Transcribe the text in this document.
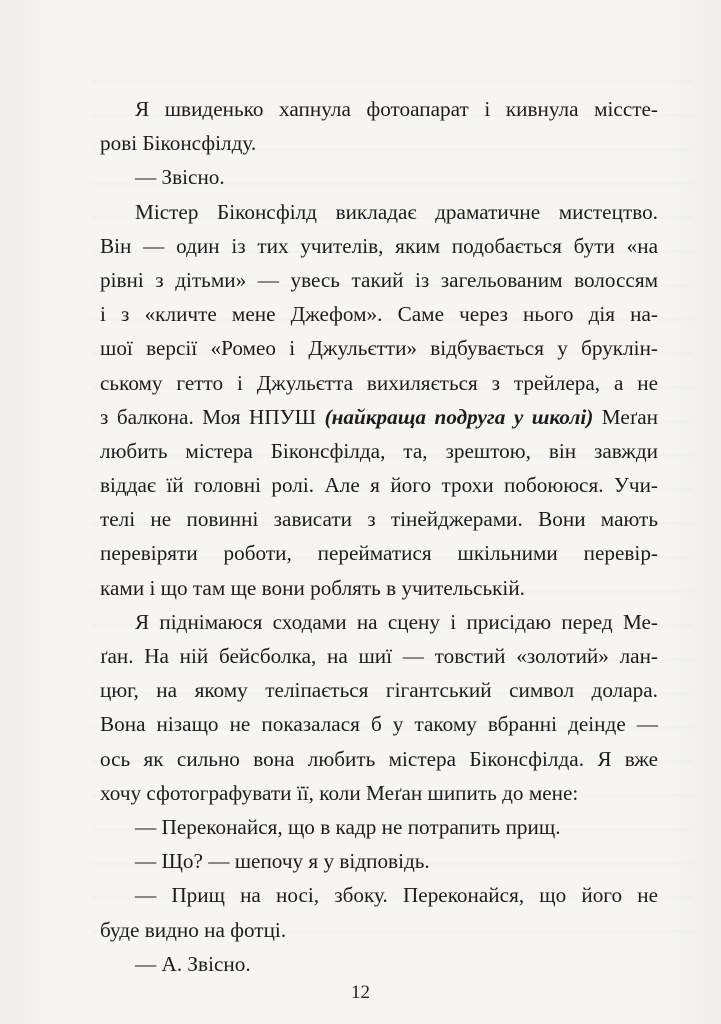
Я швиденько хапнула фотоапарат і кивнула міссте-
рові Біконсфілду.
— Звісно.
Містер Біконсфілд викладає драматичне мистецтво.
Він — один із тих учителів, яким подобається бути «на
рівні з дітьми» — увесь такий із загельованим волоссям
і з «кличте мене Джефом». Саме через нього дія на-
шої версії «Ромео і Джульєтти» відбувається у бруклін-
ському гетто і Джульєтта вихиляється з трейлера, а не
з балкона. Моя НПУШ (найкраща подруга у школі) Меґан
любить містера Біконсфілда, та, зрештою, він завжди
віддає їй головні ролі. Але я його трохи побоююся. Учи-
телі не повинні зависати з тінейджерами. Вони мають
перевіряти роботи, перейматися шкільними перевір-
ками і що там ще вони роблять в учительській.
Я піднімаюся сходами на сцену і присідаю перед Ме-
ґан. На ній бейсболка, на шиї — товстий «золотий» лан-
цюг, на якому теліпається гігантський символ долара.
Вона нізащо не показалася б у такому вбранні деінде —
ось як сильно вона любить містера Біконсфілда. Я вже
хочу сфотографувати її, коли Меґан шипить до мене:
— Переконайся, що в кадр не потрапить прищ.
— Що? — шепочу я у відповідь.
— Прищ на носі, збоку. Переконайся, що його не
буде видно на фотці.
— А. Звісно.
12
